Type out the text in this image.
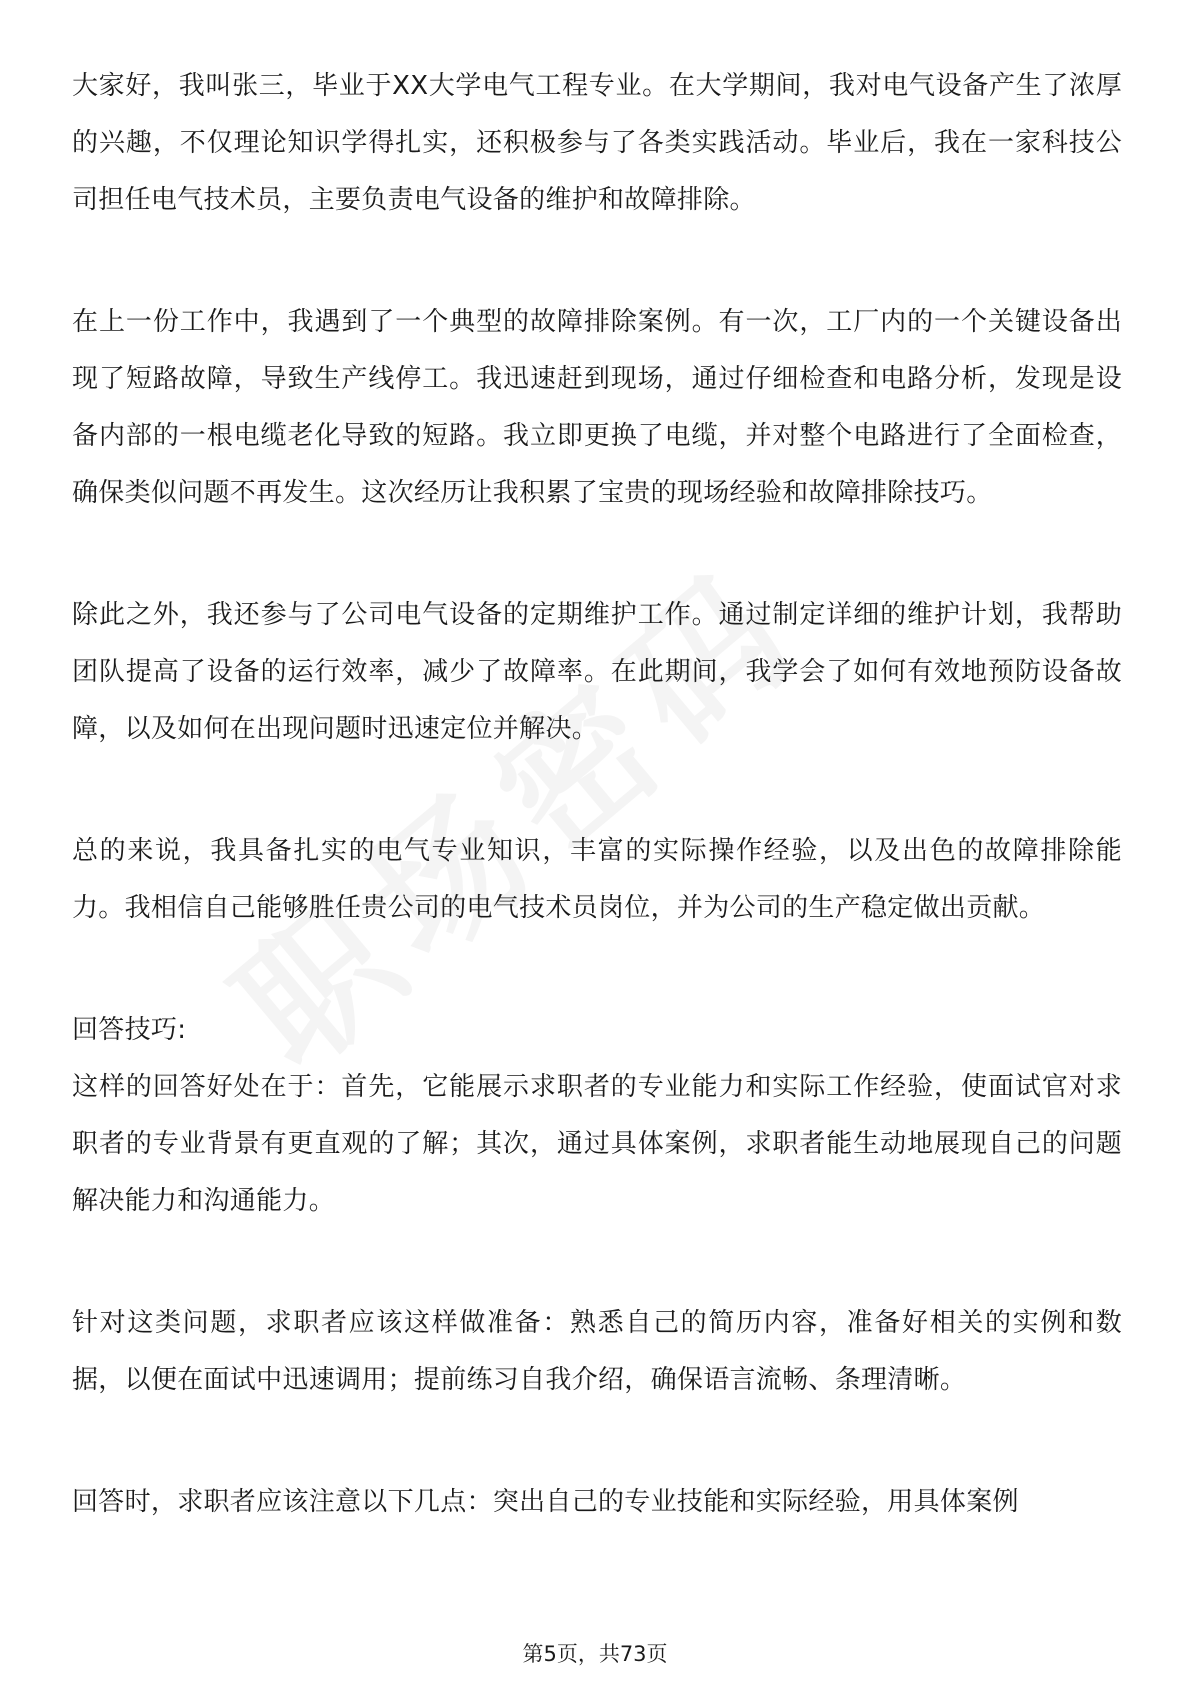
大家好，我叫张三，毕业于XX大学电气工程专业。在大学期间，我对电气设备产生了浓厚的兴趣，不仅理论知识学得扎实，还积极参与了各类实践活动。毕业后，我在一家科技公司担任电气技术员，主要负责电气设备的维护和故障排除。

在上一份工作中，我遇到了一个典型的故障排除案例。有一次，工厂内的一个关键设备出现了短路故障，导致生产线停工。我迅速赶到现场，通过仔细检查和电路分析，发现是设备内部的一根电缆老化导致的短路。我立即更换了电缆，并对整个电路进行了全面检查，确保类似问题不再发生。这次经历让我积累了宝贵的现场经验和故障排除技巧。

除此之外，我还参与了公司电气设备的定期维护工作。通过制定详细的维护计划，我帮助团队提高了设备的运行效率，减少了故障率。在此期间，我学会了如何有效地预防设备故障，以及如何在出现问题时迅速定位并解决。

总的来说，我具备扎实的电气专业知识，丰富的实际操作经验，以及出色的故障排除能力。我相信自己能够胜任贵公司的电气技术员岗位，并为公司的生产稳定做出贡献。

回答技巧:

这样的回答好处在于：首先，它能展示求职者的专业能力和实际工作经验，使面试官对求职者的专业背景有更直观的了解；其次，通过具体案例，求职者能生动地展现自己的问题解决能力和沟通能力。

针对这类问题，求职者应该这样做准备：熟悉自己的简历内容，准备好相关的实例和数据，以便在面试中迅速调用；提前练习自我介绍，确保语言流畅、条理清晰。

回答时，求职者应该注意以下几点：突出自己的专业技能和实际经验，用具体案例

第5页，共73页
